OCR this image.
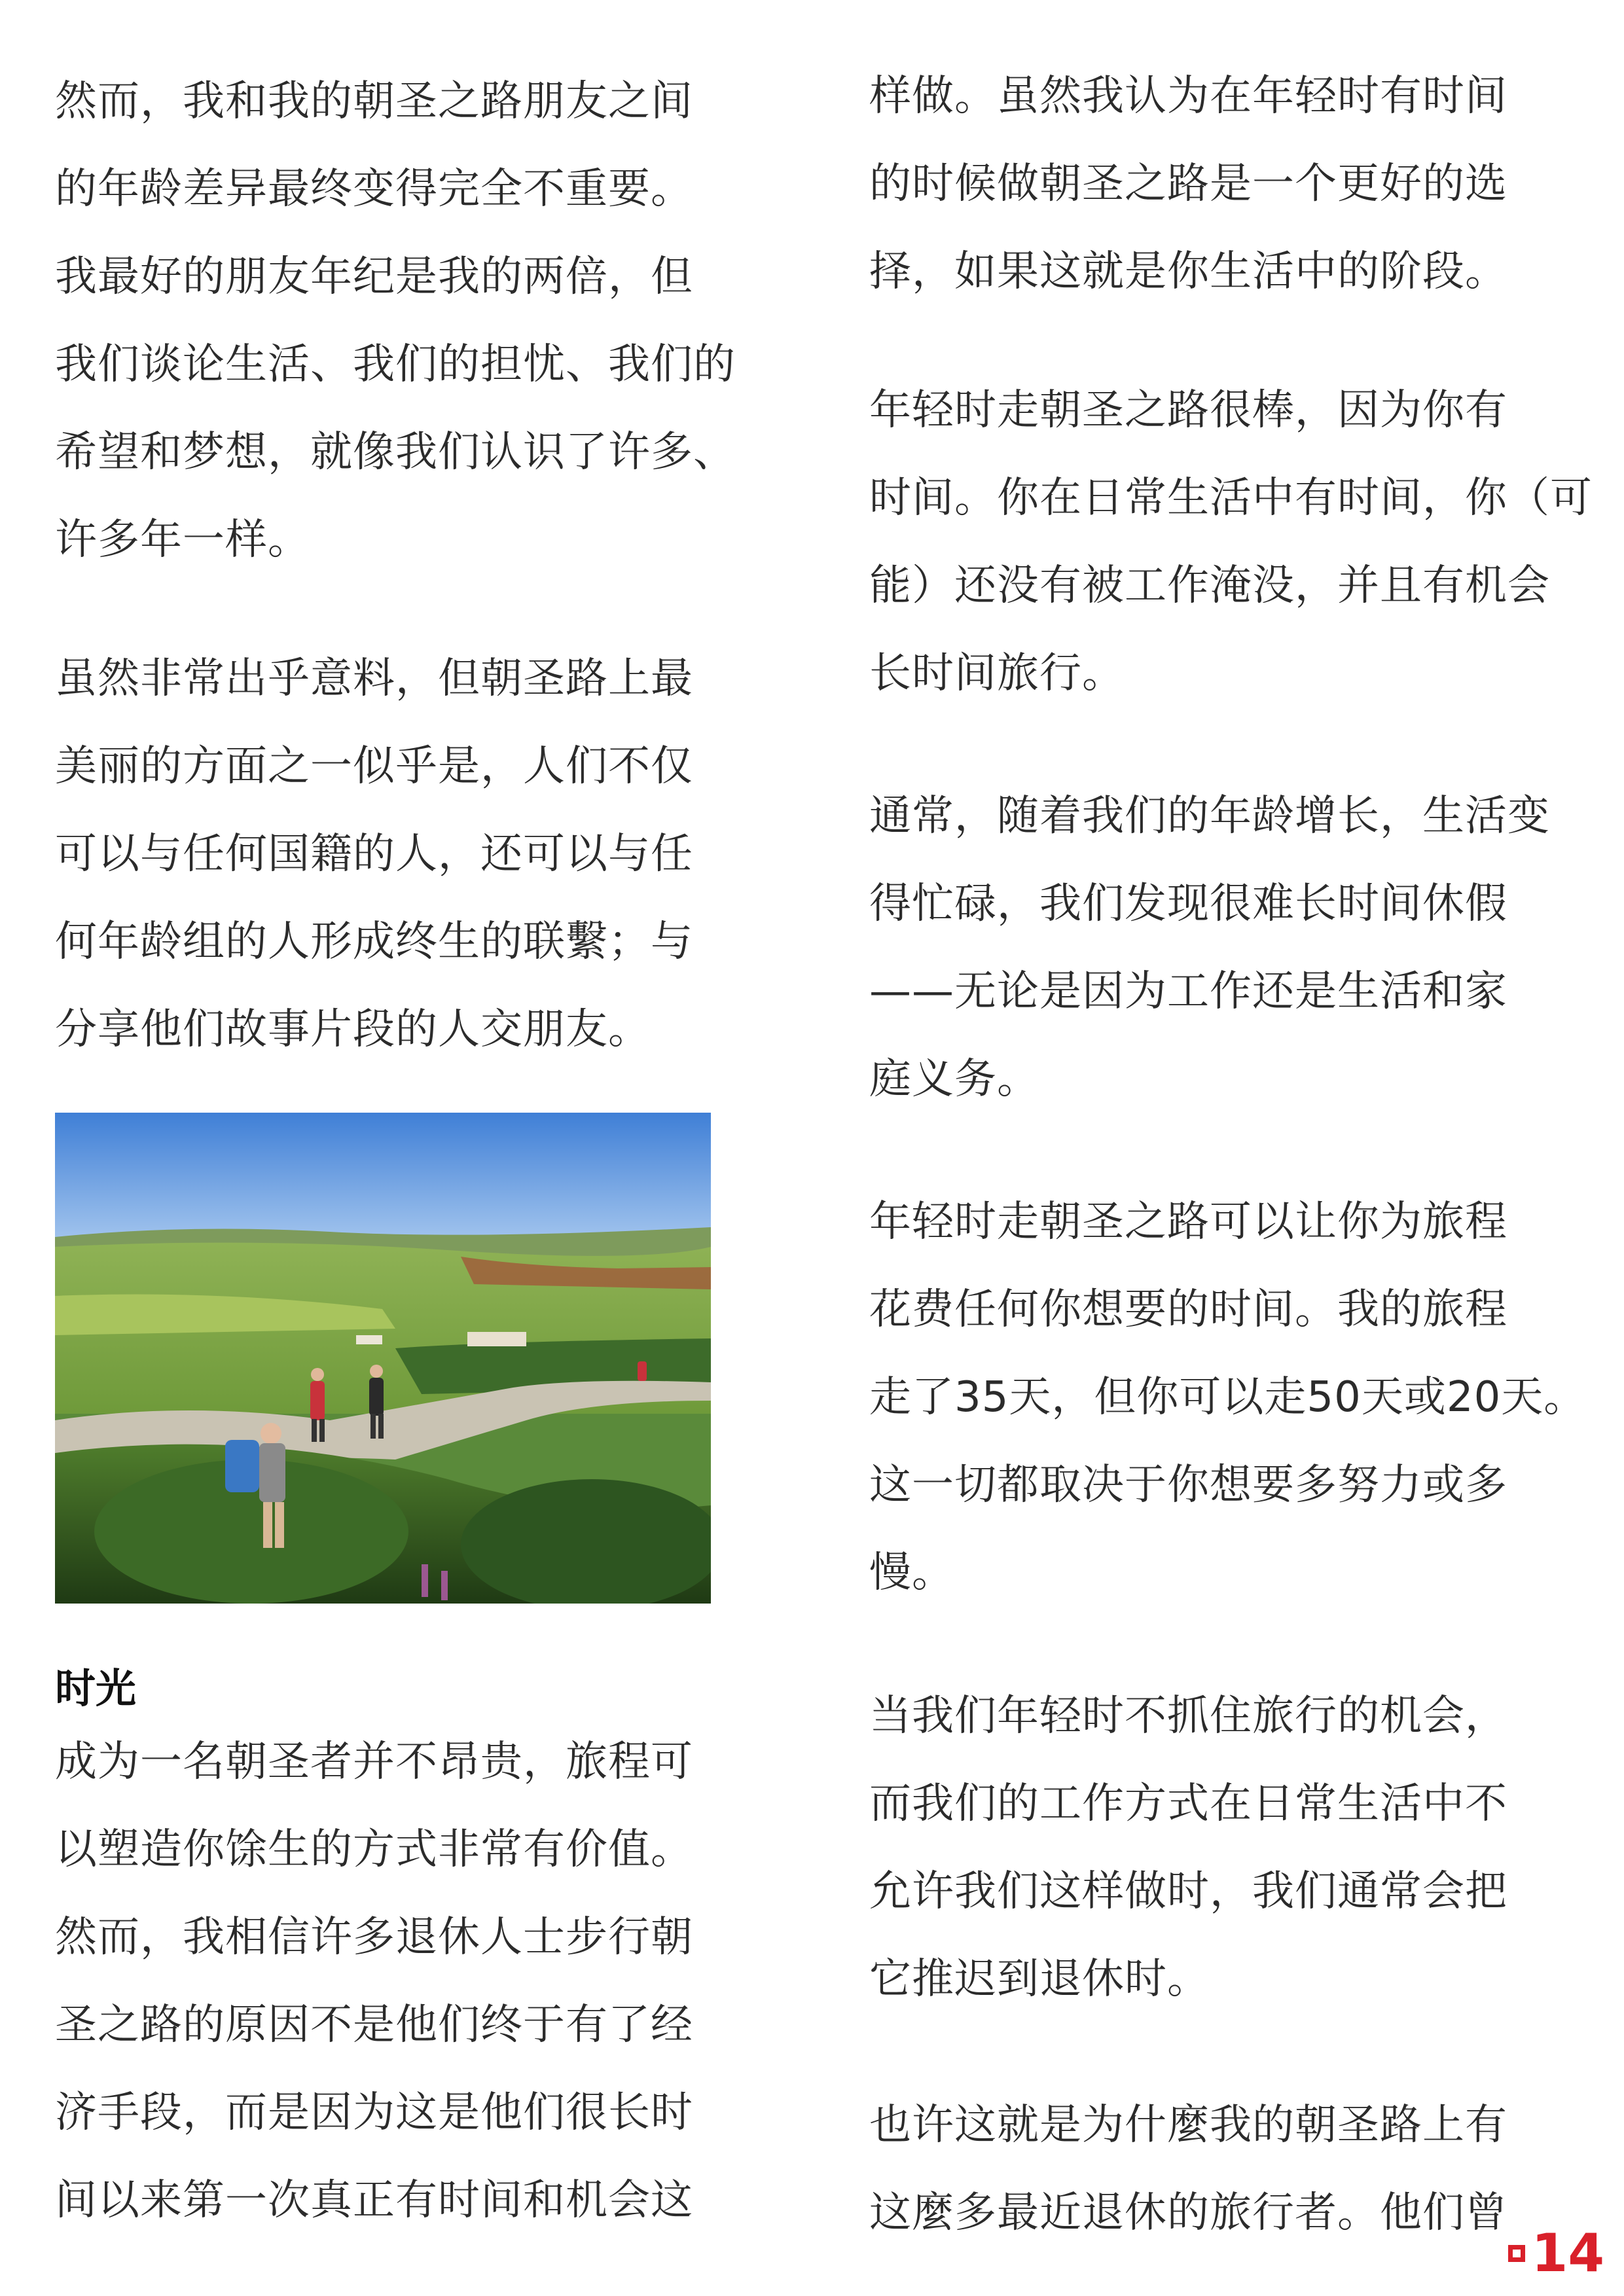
然而，我和我的朝圣之路朋友之间
的年龄差异最终变得完全不重要。
我最好的朋友年纪是我的两倍，但
我们谈论生活、我们的担忧、我们的
希望和梦想，就像我们认识了许多、
许多年一样。
虽然非常出乎意料，但朝圣路上最
美丽的方面之一似乎是，人们不仅
可以与任何国籍的人，还可以与任
何年龄组的人形成终生的联繫；与
分享他们故事片段的人交朋友。
时光
成为一名朝圣者并不昂贵，旅程可
以塑造你馀生的方式非常有价值。
然而，我相信许多退休人士步行朝
圣之路的原因不是他们终于有了经
济手段，而是因为这是他们很长时
间以来第一次真正有时间和机会这
样做。虽然我认为在年轻时有时间
的时候做朝圣之路是一个更好的选
择，如果这就是你生活中的阶段。
年轻时走朝圣之路很棒，因为你有
时间。你在日常生活中有时间，你（可
能）还没有被工作淹没，并且有机会
长时间旅行。
通常，随着我们的年龄增长，生活变
得忙碌，我们发现很难长时间休假
——无论是因为工作还是生活和家
庭义务。
年轻时走朝圣之路可以让你为旅程
花费任何你想要的时间。我的旅程
走了35天，但你可以走50天或20天。
这一切都取决于你想要多努力或多
慢。
当我们年轻时不抓住旅行的机会，
而我们的工作方式在日常生活中不
允许我们这样做时，我们通常会把
它推迟到退休时。
也许这就是为什麼我的朝圣路上有
这麼多最近退休的旅行者。他们曾
14
